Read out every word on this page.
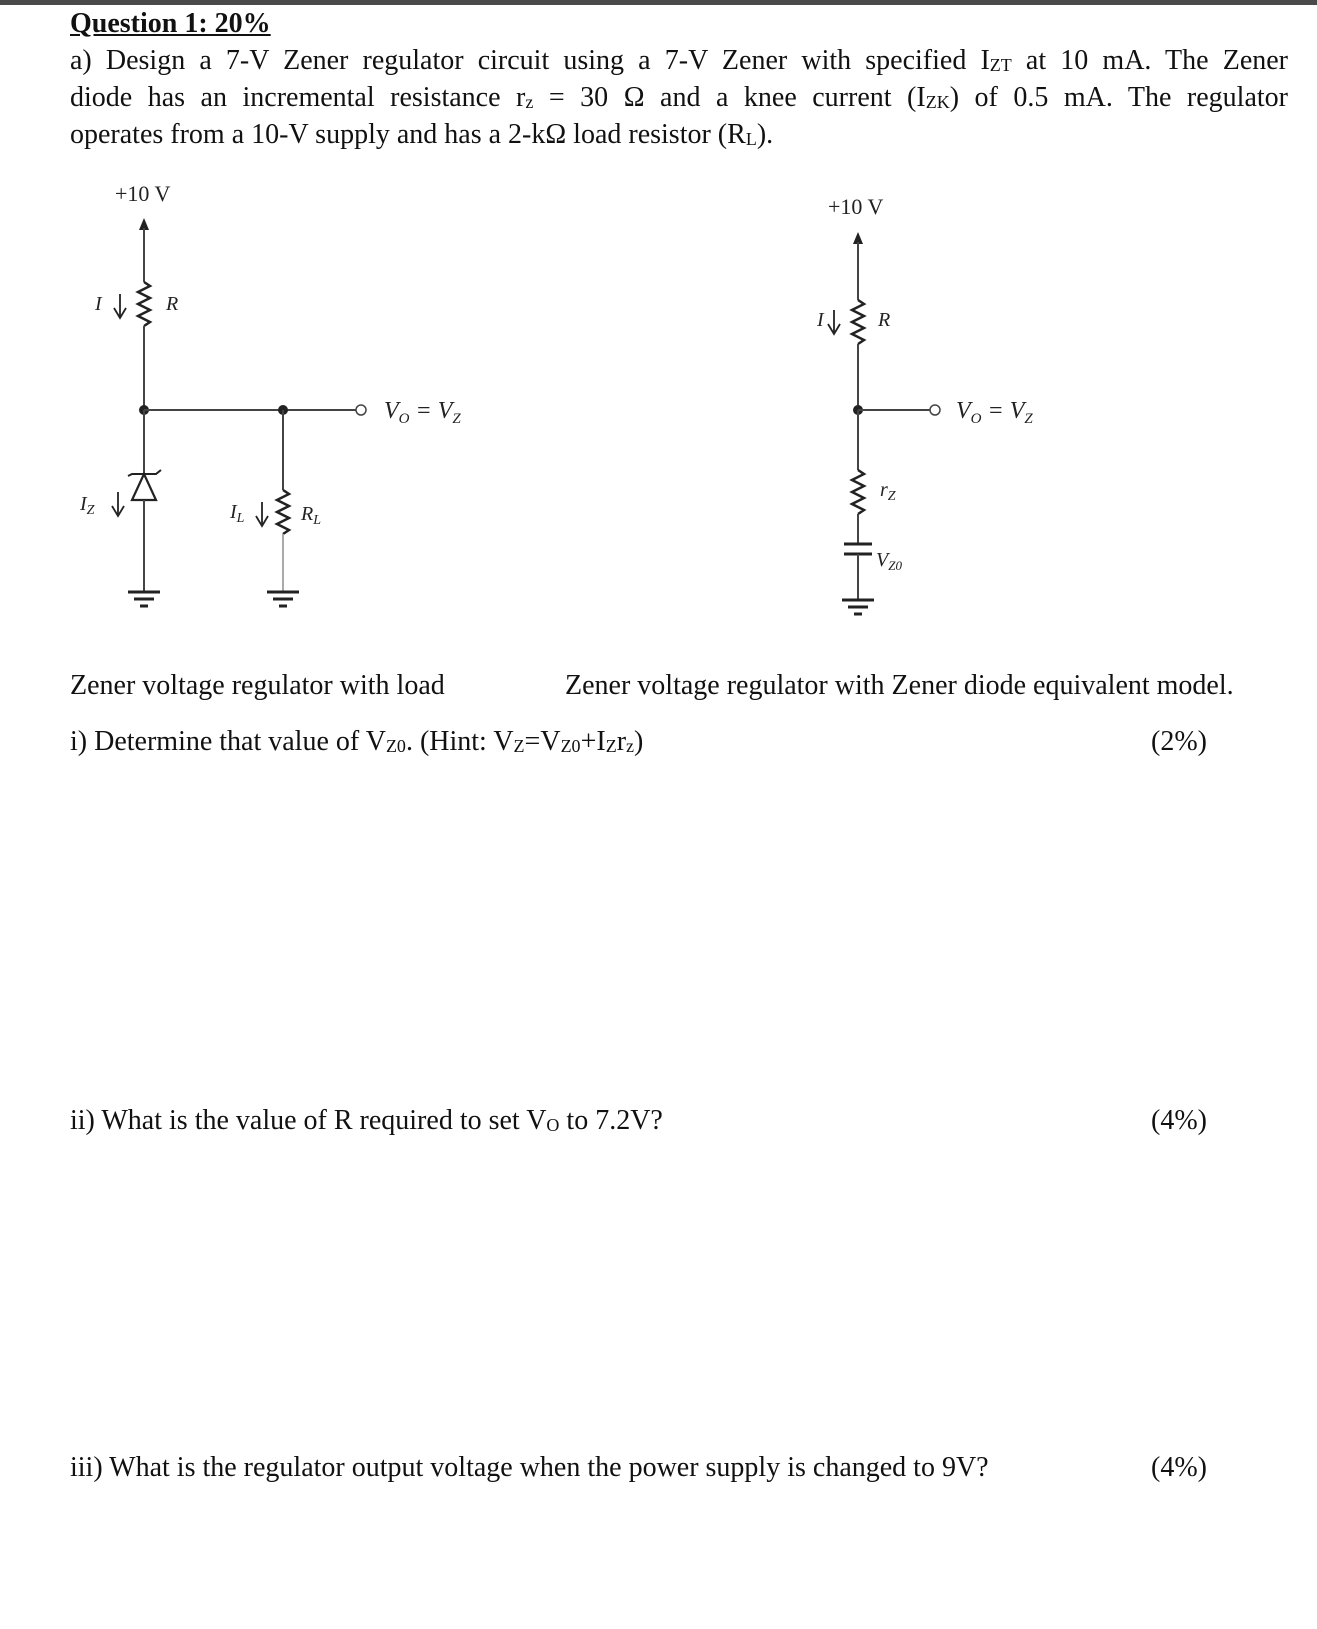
Question 1: 20%
a) Design a 7-V Zener regulator circuit using a 7-V Zener with specified $I_{ZT}$ at 10 mA. The Zener
diode has an incremental resistance $r_z = 30$ Ω and a knee current $(I_{ZK})$ of 0.5 mA. The regulator
operates from a 10-V supply and has a 2-kΩ load resistor $(R_L)$.
+10 V
I	R
$V_O = V_Z$
$I_Z$	$I_L$	$R_L$
+10 V
I	R
$V_O = V_Z$
$r_Z$
$V_{Z0}$
Zener voltage regulator with load	Zener voltage regulator with Zener diode equivalent model.
i) Determine that value of $V_{Z0}$. (Hint: $V_Z=V_{Z0}+I_Zr_z$)	(2%)
ii) What is the value of R required to set $V_O$ to 7.2V?	(4%)
iii) What is the regulator output voltage when the power supply is changed to 9V?	(4%)
